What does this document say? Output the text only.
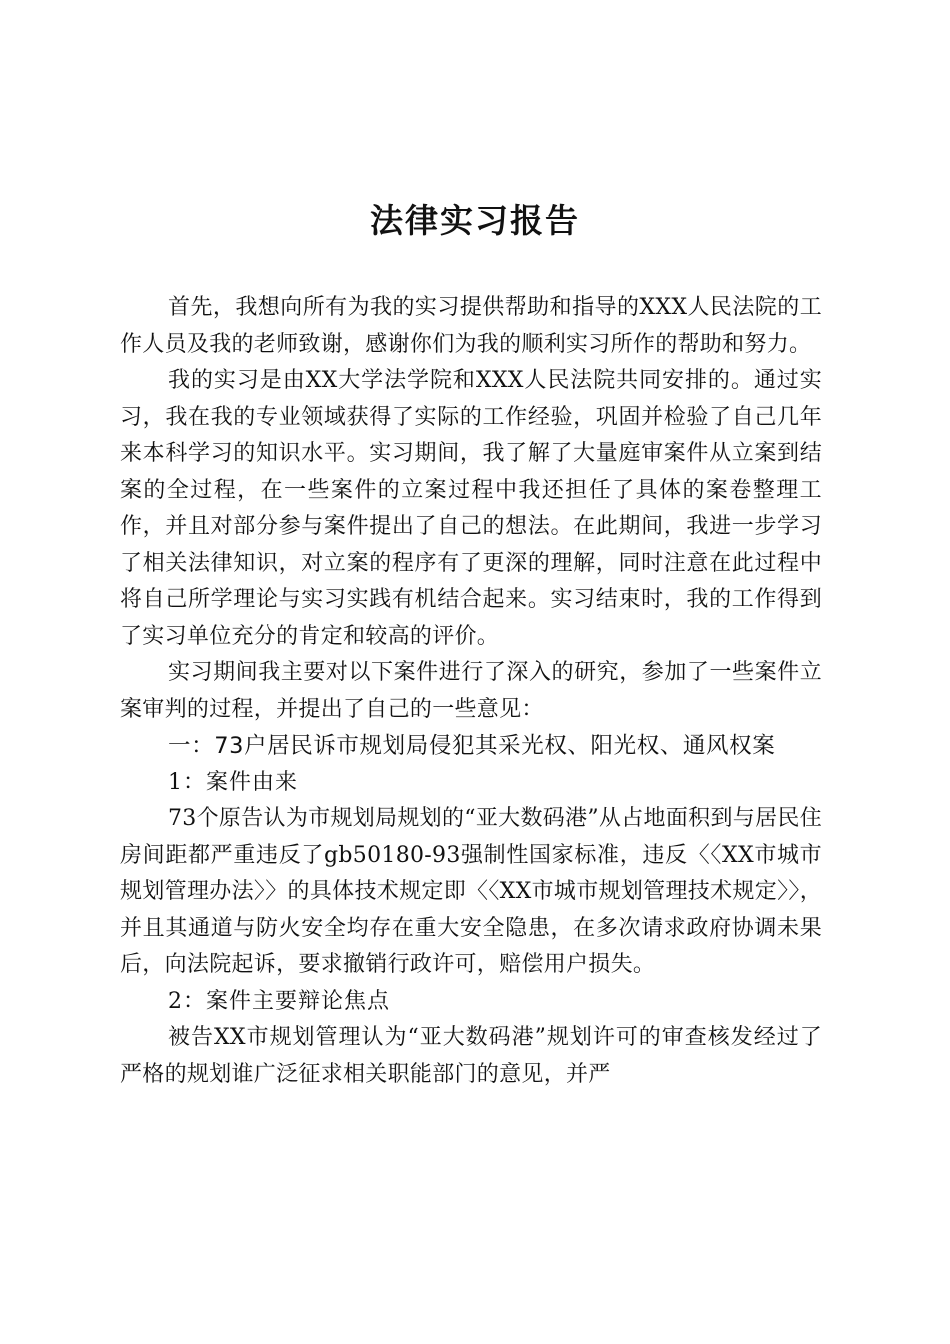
法律实习报告

首先，我想向所有为我的实习提供帮助和指导的XXX人民法院的工作人员及我的老师致谢，感谢你们为我的顺利实习所作的帮助和努力。

我的实习是由XX大学法学院和XXX人民法院共同安排的。通过实习，我在我的专业领域获得了实际的工作经验，巩固并检验了自己几年来本科学习的知识水平。实习期间，我了解了大量庭审案件从立案到结案的全过程，在一些案件的立案过程中我还担任了具体的案卷整理工作，并且对部分参与案件提出了自己的想法。在此期间，我进一步学习了相关法律知识，对立案的程序有了更深的理解，同时注意在此过程中将自己所学理论与实习实践有机结合起来。实习结束时，我的工作得到了实习单位充分的肯定和较高的评价。

实习期间我主要对以下案件进行了深入的研究，参加了一些案件立案审判的过程，并提出了自己的一些意见：

一：73户居民诉市规划局侵犯其采光权、阳光权、通风权案

1：案件由来

73个原告认为市规划局规划的“亚大数码港”从占地面积到与居民住房间距都严重违反了gb50180-93强制性国家标准，违反〈〈XX市城市规划管理办法〉〉的具体技术规定即〈〈XX市城市规划管理技术规定〉〉，并且其通道与防火安全均存在重大安全隐患，在多次请求政府协调未果后，向法院起诉，要求撤销行政许可，赔偿用户损失。

2：案件主要辩论焦点

被告XX市规划管理认为“亚大数码港”规划许可的审查核发经过了严格的规划谁广泛征求相关职能部门的意见，并严
